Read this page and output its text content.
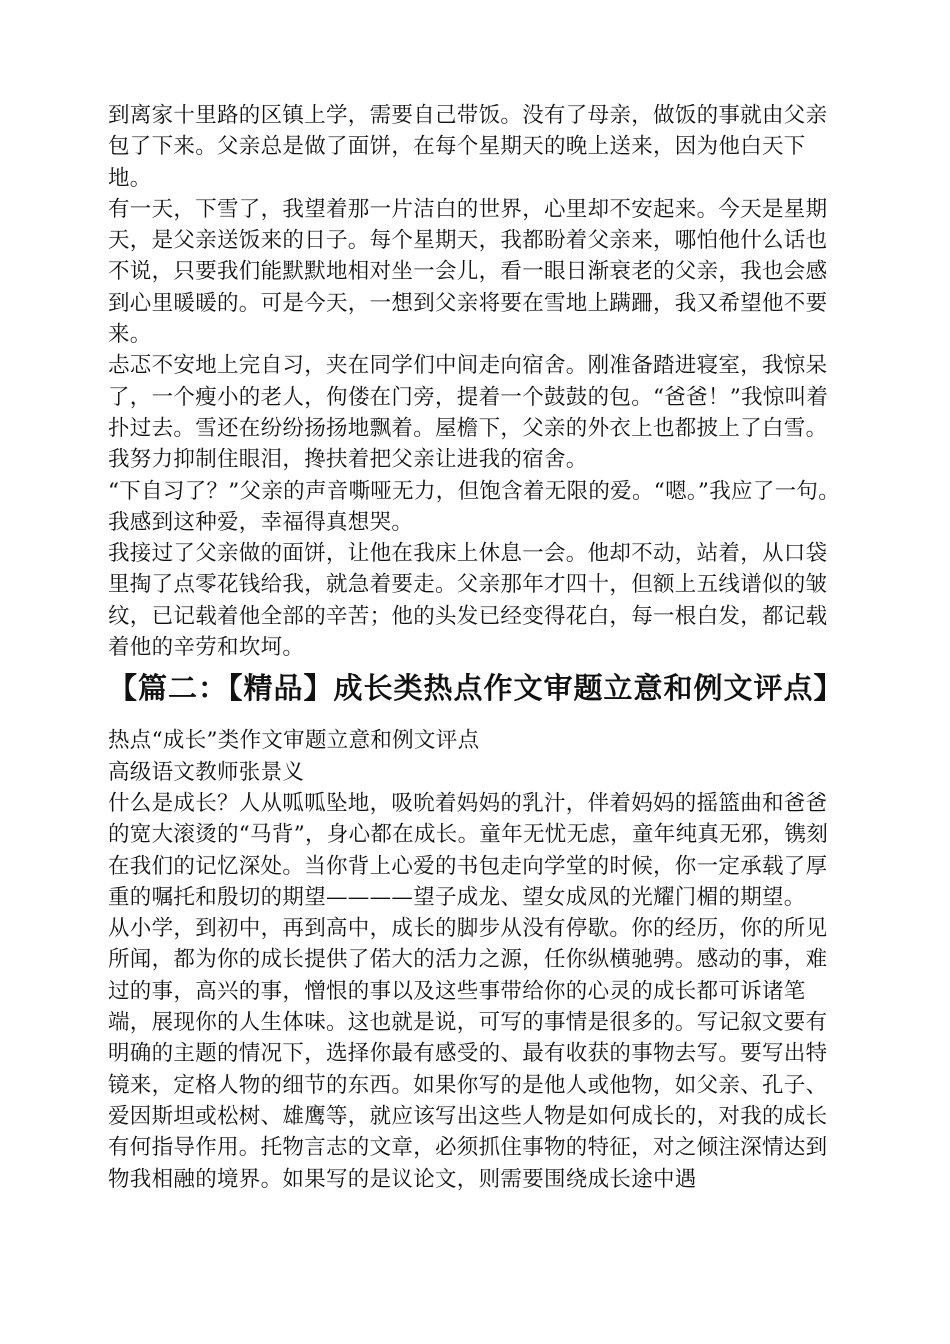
到离家十里路的区镇上学，需要自己带饭。没有了母亲，做饭的事就由父亲包了下来。父亲总是做了面饼，在每个星期天的晚上送来，因为他白天下地。

有一天，下雪了，我望着那一片洁白的世界，心里却不安起来。今天是星期天，是父亲送饭来的日子。每个星期天，我都盼着父亲来，哪怕他什么话也不说，只要我们能默默地相对坐一会儿，看一眼日渐衰老的父亲，我也会感到心里暖暖的。可是今天，一想到父亲将要在雪地上蹒跚，我又希望他不要来。

忐忑不安地上完自习，夹在同学们中间走向宿舍。刚准备踏进寝室，我惊呆了，一个瘦小的老人，佝偻在门旁，提着一个鼓鼓的包。“爸爸！”我惊叫着扑过去。雪还在纷纷扬扬地飘着。屋檐下，父亲的外衣上也都披上了白雪。我努力抑制住眼泪，搀扶着把父亲让进我的宿舍。

“下自习了？”父亲的声音嘶哑无力，但饱含着无限的爱。“嗯。”我应了一句。我感到这种爱，幸福得真想哭。

我接过了父亲做的面饼，让他在我床上休息一会。他却不动，站着，从口袋里掏了点零花钱给我，就急着要走。父亲那年才四十，但额上五线谱似的皱纹，已记载着他全部的辛苦；他的头发已经变得花白，每一根白发，都记载着他的辛劳和坎坷。

【篇二：【精品】成长类热点作文审题立意和例文评点】

热点“成长”类作文审题立意和例文评点

高级语文教师张景义

什么是成长？人从呱呱坠地，吸吮着妈妈的乳汁，伴着妈妈的摇篮曲和爸爸的宽大滚烫的“马背”，身心都在成长。童年无忧无虑，童年纯真无邪，镌刻在我们的记忆深处。当你背上心爱的书包走向学堂的时候，你一定承载了厚重的嘱托和殷切的期望————望子成龙、望女成凤的光耀门楣的期望。

从小学，到初中，再到高中，成长的脚步从没有停歇。你的经历，你的所见所闻，都为你的成长提供了偌大的活力之源，任你纵横驰骋。感动的事，难过的事，高兴的事，憎恨的事以及这些事带给你的心灵的成长都可诉诸笔端，展现你的人生体味。这也就是说，可写的事情是很多的。写记叙文要有明确的主题的情况下，选择你最有感受的、最有收获的事物去写。要写出特镜来，定格人物的细节的东西。如果你写的是他人或他物，如父亲、孔子、爱因斯坦或松树、雄鹰等，就应该写出这些人物是如何成长的，对我的成长有何指导作用。托物言志的文章，必须抓住事物的特征，对之倾注深情达到物我相融的境界。如果写的是议论文，则需要围绕成长途中遇
